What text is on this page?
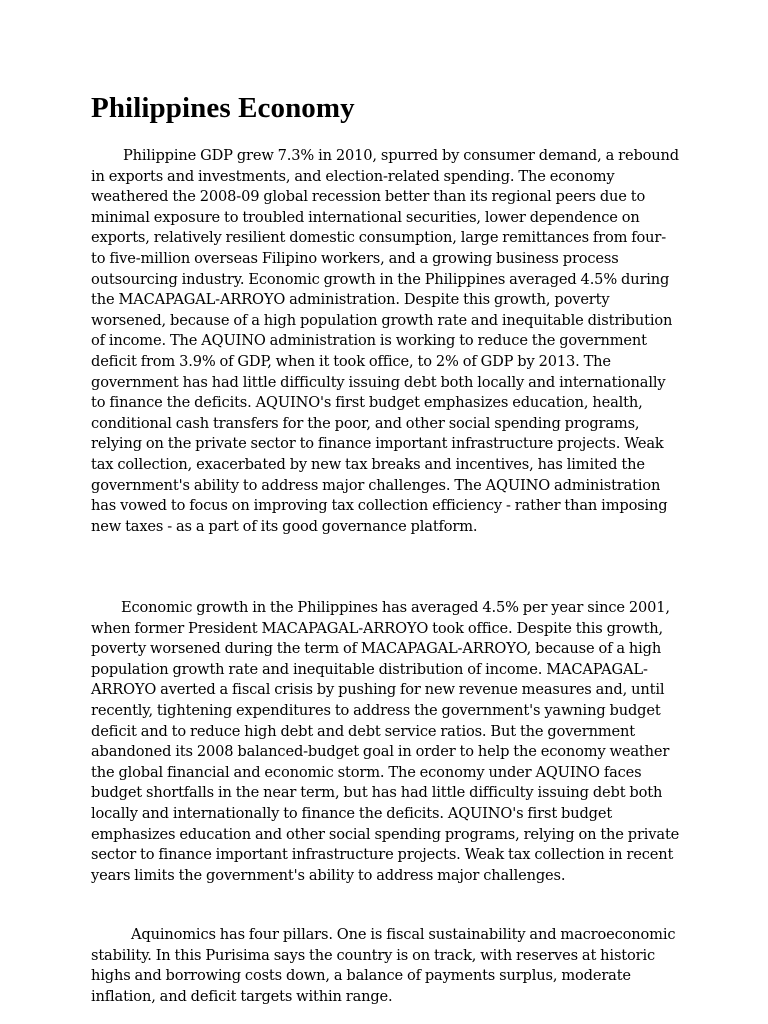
Philippines Economy

Philippine GDP grew 7.3% in 2010, spurred by consumer demand, a rebound in exports and investments, and election-related spending. The economy weathered the 2008-09 global recession better than its regional peers due to minimal exposure to troubled international securities, lower dependence on exports, relatively resilient domestic consumption, large remittances from four- to five-million overseas Filipino workers, and a growing business process outsourcing industry. Economic growth in the Philippines averaged 4.5% during the MACAPAGAL-ARROYO administration. Despite this growth, poverty worsened, because of a high population growth rate and inequitable distribution of income. The AQUINO administration is working to reduce the government deficit from 3.9% of GDP, when it took office, to 2% of GDP by 2013. The government has had little difficulty issuing debt both locally and internationally to finance the deficits. AQUINO's first budget emphasizes education, health, conditional cash transfers for the poor, and other social spending programs, relying on the private sector to finance important infrastructure projects. Weak tax collection, exacerbated by new tax breaks and incentives, has limited the government's ability to address major challenges. The AQUINO administration has vowed to focus on improving tax collection efficiency - rather than imposing new taxes - as a part of its good governance platform.

Economic growth in the Philippines has averaged 4.5% per year since 2001, when former President MACAPAGAL-ARROYO took office. Despite this growth, poverty worsened during the term of MACAPAGAL-ARROYO, because of a high population growth rate and inequitable distribution of income. MACAPAGAL-ARROYO averted a fiscal crisis by pushing for new revenue measures and, until recently, tightening expenditures to address the government's yawning budget deficit and to reduce high debt and debt service ratios. But the government abandoned its 2008 balanced-budget goal in order to help the economy weather the global financial and economic storm. The economy under AQUINO faces budget shortfalls in the near term, but has had little difficulty issuing debt both locally and internationally to finance the deficits. AQUINO's first budget emphasizes education and other social spending programs, relying on the private sector to finance important infrastructure projects. Weak tax collection in recent years limits the government's ability to address major challenges.

Aquinomics has four pillars. One is fiscal sustainability and macroeconomic stability. In this Purisima says the country is on track, with reserves at historic highs and borrowing costs down, a balance of payments surplus, moderate inflation, and deficit targets within range.
